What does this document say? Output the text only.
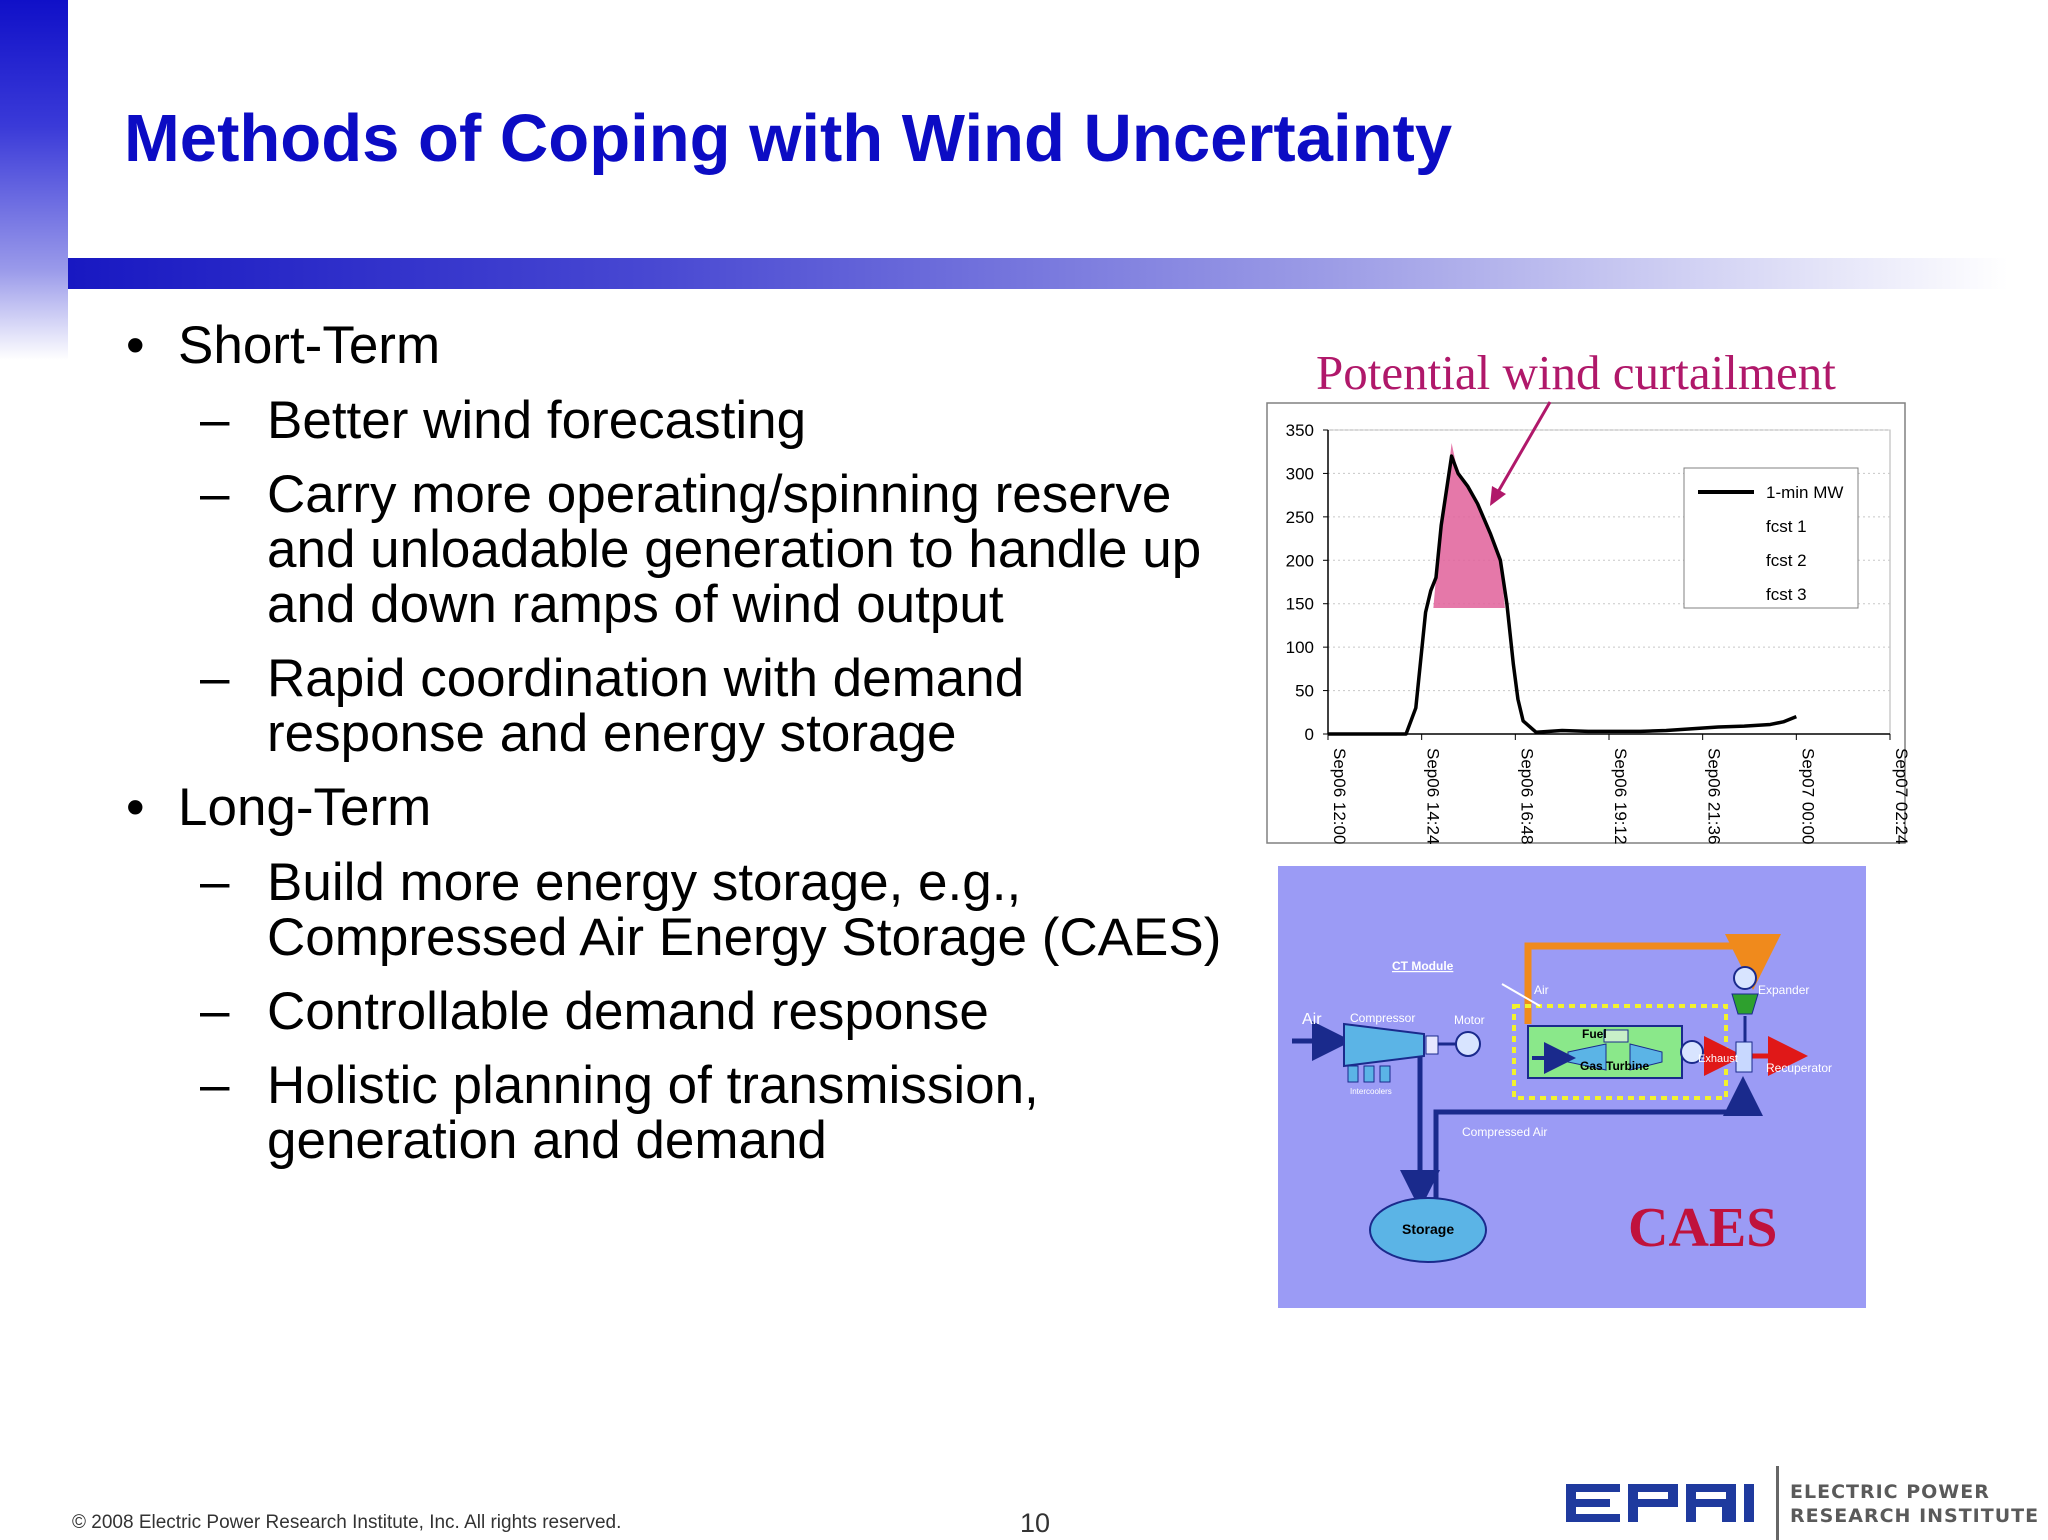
Methods of Coping with Wind Uncertainty
• Short-Term
– Better wind forecasting
– Carry more operating/spinning reserve and unloadable generation to handle up and down ramps of wind output
– Rapid coordination with demand response and energy storage
• Long-Term
– Build more energy storage, e.g., Compressed Air Energy Storage (CAES)
– Controllable demand response
– Holistic planning of transmission, generation and demand
Potential wind curtailment
0
50
100
150
200
250
300
350
Sep06 12:00	Sep06 14:24	Sep06 16:48	Sep06 19:12	Sep06 21:36	Sep07 00:00	Sep07 02:24
1-min MW
fcst 1
fcst 2
fcst 3
CT Module
Air Compressor	Motor
Intercoolers
Air
Fuel
Gas Turbine	Exhaust
Expander
Recuperator
Compressed Air
Storage	CAES
© 2008 Electric Power Research Institute, Inc. All rights reserved.	10
ELECTRIC POWER
RESEARCH INSTITUTE
